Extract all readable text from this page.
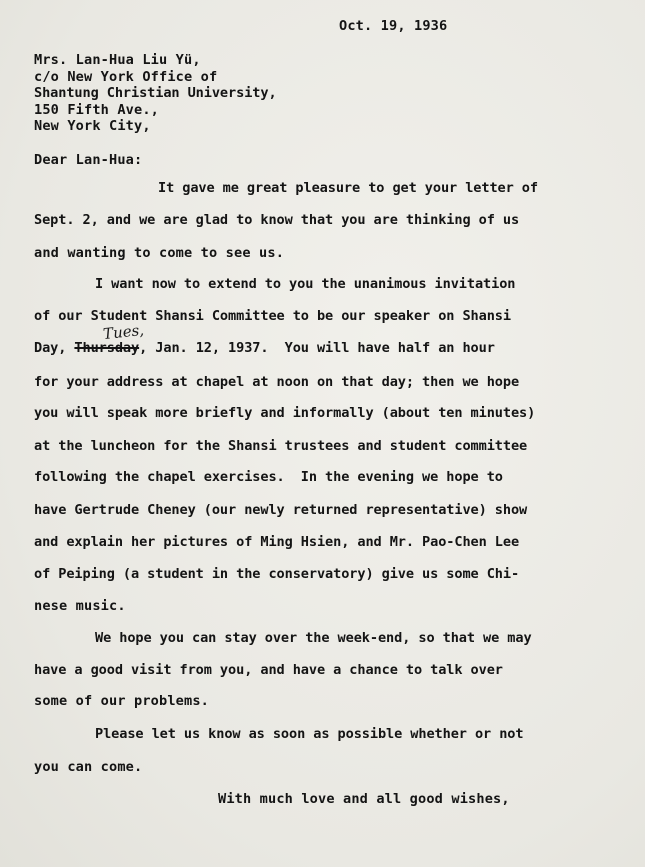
Oct. 19, 1936
Mrs. Lan-Hua Liu Yü,
c/o New York Office of
Shantung Christian University,
150 Fifth Ave.,
New York City,
Dear Lan-Hua:
It gave me great pleasure to get your letter of
Sept. 2, and we are glad to know that you are thinking of us
and wanting to come to see us.
I want now to extend to you the unanimous invitation
of our Student Shansi Committee to be our speaker on Shansi
Tues,
Day, Thursday, Jan. 12, 1937.  You will have half an hour
for your address at chapel at noon on that day; then we hope
you will speak more briefly and informally (about ten minutes)
at the luncheon for the Shansi trustees and student committee
following the chapel exercises.  In the evening we hope to
have Gertrude Cheney (our newly returned representative) show
and explain her pictures of Ming Hsien, and Mr. Pao-Chen Lee
of Peiping (a student in the conservatory) give us some Chi-
nese music.
We hope you can stay over the week-end, so that we may
have a good visit from you, and have a chance to talk over
some of our problems.
Please let us know as soon as possible whether or not
you can come.
With much love and all good wishes,
